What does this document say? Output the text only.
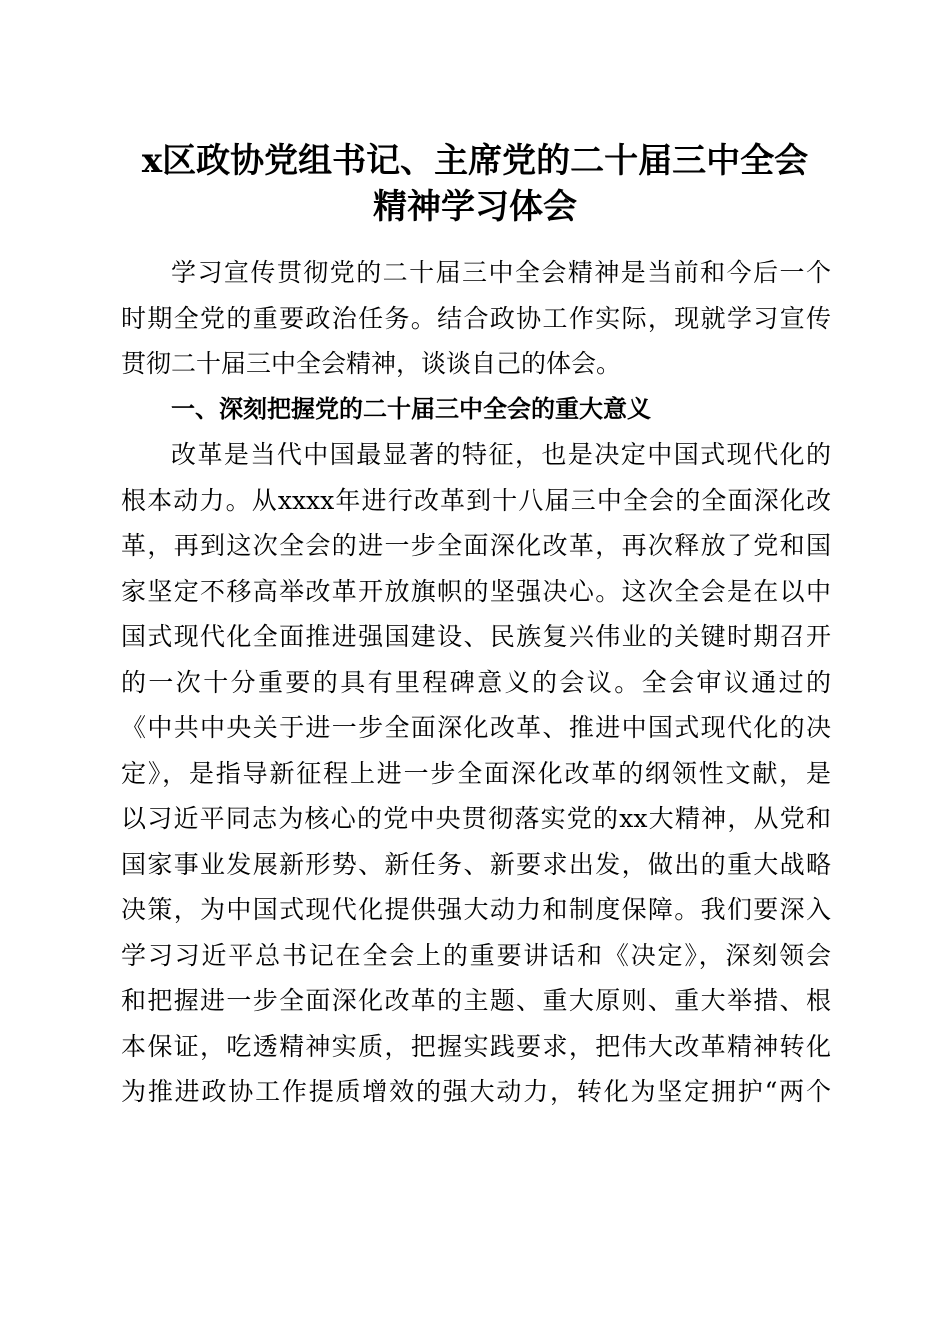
x区政协党组书记、主席党的二十届三中全会
精神学习体会
学习宣传贯彻党的二十届三中全会精神是当前和今后一个
时期全党的重要政治任务。结合政协工作实际，现就学习宣传
贯彻二十届三中全会精神，谈谈自己的体会。
一、深刻把握党的二十届三中全会的重大意义
改革是当代中国最显著的特征，也是决定中国式现代化的
根本动力。从xxxx年进行改革到十八届三中全会的全面深化改
革，再到这次全会的进一步全面深化改革，再次释放了党和国
家坚定不移高举改革开放旗帜的坚强决心。这次全会是在以中
国式现代化全面推进强国建设、民族复兴伟业的关键时期召开
的一次十分重要的具有里程碑意义的会议。全会审议通过的
《中共中央关于进一步全面深化改革、推进中国式现代化的决
定》，是指导新征程上进一步全面深化改革的纲领性文献，是
以习近平同志为核心的党中央贯彻落实党的xx大精神，从党和
国家事业发展新形势、新任务、新要求出发，做出的重大战略
决策，为中国式现代化提供强大动力和制度保障。我们要深入
学习习近平总书记在全会上的重要讲话和《决定》，深刻领会
和把握进一步全面深化改革的主题、重大原则、重大举措、根
本保证，吃透精神实质，把握实践要求，把伟大改革精神转化
为推进政协工作提质增效的强大动力，转化为坚定拥护“两个
